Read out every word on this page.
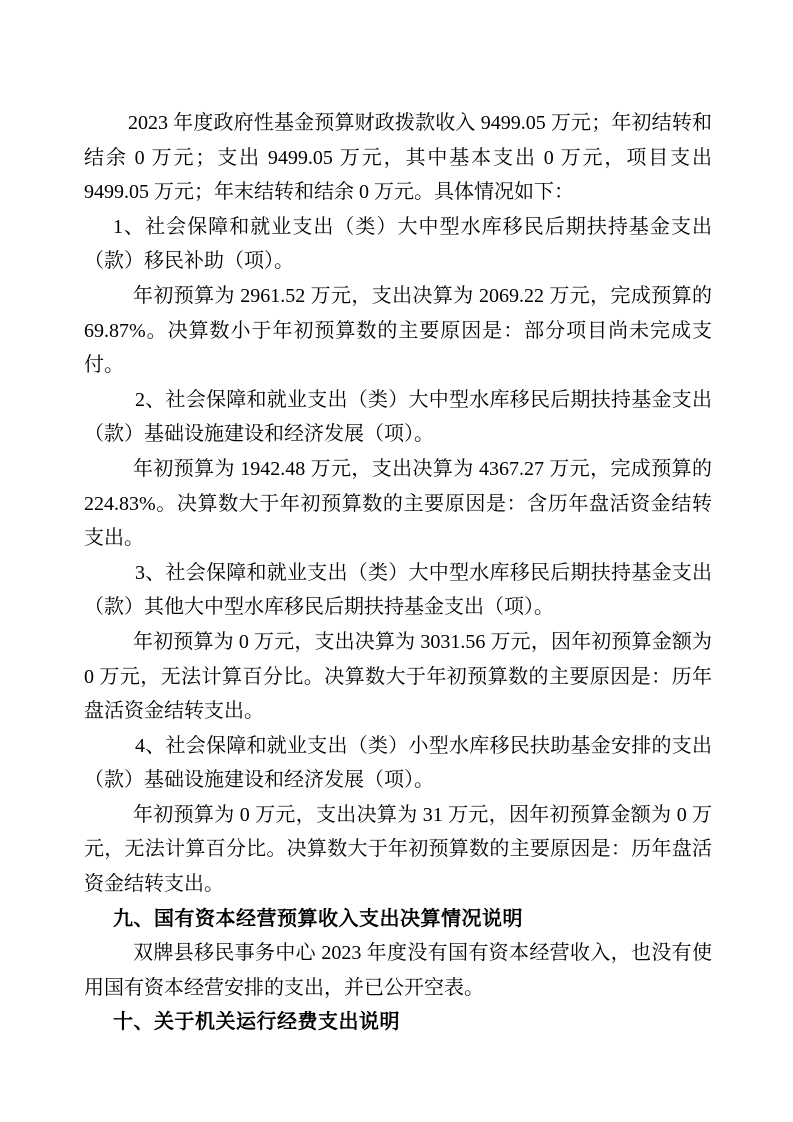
2023 年度政府性基金预算财政拨款收入 9499.05 万元；年初结转和结余 0 万元；支出 9499.05 万元，其中基本支出 0 万元，项目支出 9499.05 万元；年末结转和结余 0 万元。具体情况如下：

1、社会保障和就业支出（类）大中型水库移民后期扶持基金支出（款）移民补助（项）。

年初预算为 2961.52 万元，支出决算为 2069.22 万元，完成预算的 69.87%。决算数小于年初预算数的主要原因是：部分项目尚未完成支付。

2、社会保障和就业支出（类）大中型水库移民后期扶持基金支出（款）基础设施建设和经济发展（项）。

年初预算为 1942.48 万元，支出决算为 4367.27 万元，完成预算的 224.83%。决算数大于年初预算数的主要原因是：含历年盘活资金结转支出。

3、社会保障和就业支出（类）大中型水库移民后期扶持基金支出（款）其他大中型水库移民后期扶持基金支出（项）。

年初预算为 0 万元，支出决算为 3031.56 万元，因年初预算金额为 0 万元，无法计算百分比。决算数大于年初预算数的主要原因是：历年盘活资金结转支出。

4、社会保障和就业支出（类）小型水库移民扶助基金安排的支出（款）基础设施建设和经济发展（项）。

年初预算为 0 万元，支出决算为 31 万元，因年初预算金额为 0 万元，无法计算百分比。决算数大于年初预算数的主要原因是：历年盘活资金结转支出。

九、国有资本经营预算收入支出决算情况说明

双牌县移民事务中心 2023 年度没有国有资本经营收入，也没有使用国有资本经营安排的支出，并已公开空表。

十、关于机关运行经费支出说明
